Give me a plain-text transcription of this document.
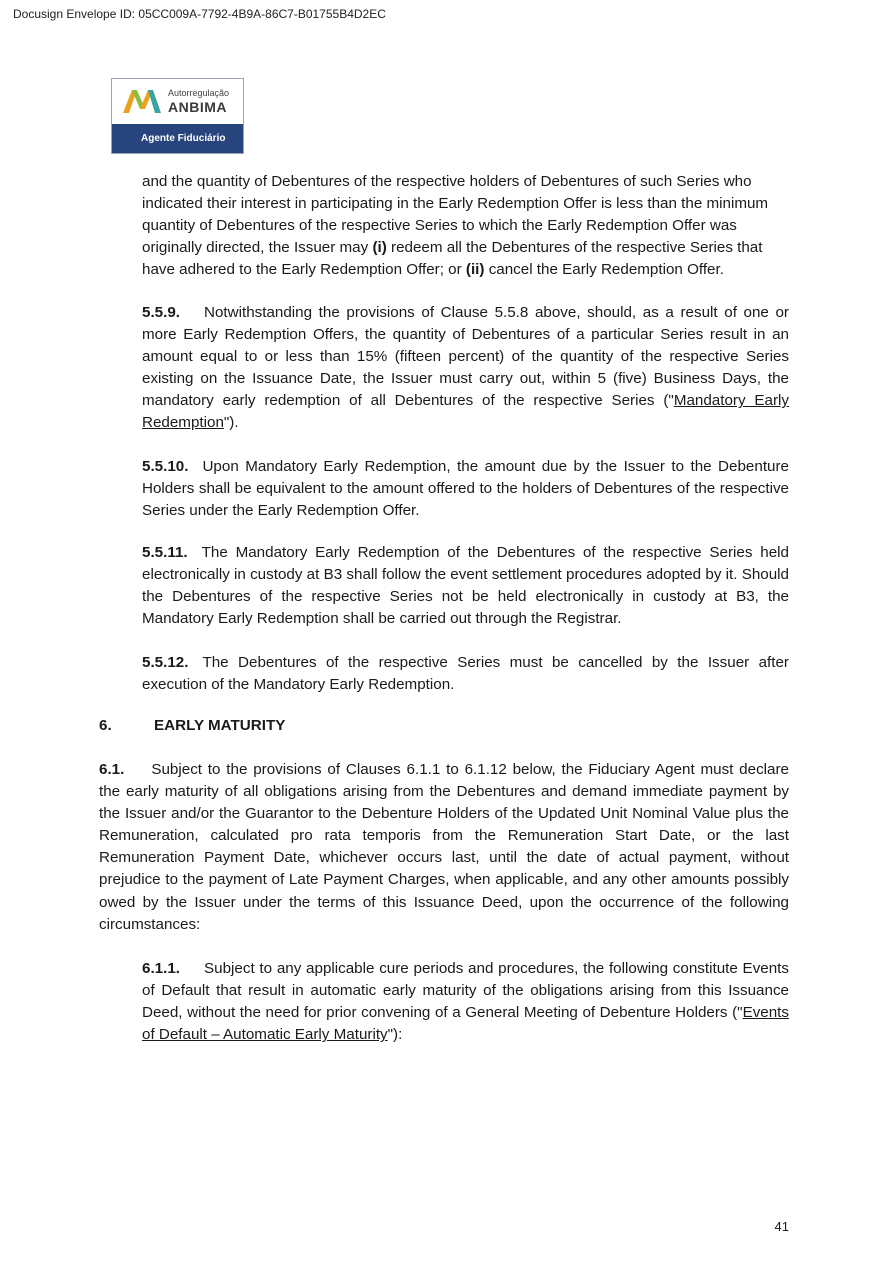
Docusign Envelope ID: 05CC009A-7792-4B9A-86C7-B01755B4D2EC
Autorregulação
ANBIMA
Agente Fiduciário
and the quantity of Debentures of the respective holders of Debentures of such Series who indicated their interest in participating in the Early Redemption Offer is less than the minimum quantity of Debentures of the respective Series to which the Early Redemption Offer was originally directed, the Issuer may (i) redeem all the Debentures of the respective Series that have adhered to the Early Redemption Offer; or (ii) cancel the Early Redemption Offer.
5.5.9. Notwithstanding the provisions of Clause 5.5.8 above, should, as a result of one or more Early Redemption Offers, the quantity of Debentures of a particular Series result in an amount equal to or less than 15% (fifteen percent) of the quantity of the respective Series existing on the Issuance Date, the Issuer must carry out, within 5 (five) Business Days, the mandatory early redemption of all Debentures of the respective Series ("Mandatory Early Redemption").
5.5.10. Upon Mandatory Early Redemption, the amount due by the Issuer to the Debenture Holders shall be equivalent to the amount offered to the holders of Debentures of the respective Series under the Early Redemption Offer.
5.5.11. The Mandatory Early Redemption of the Debentures of the respective Series held electronically in custody at B3 shall follow the event settlement procedures adopted by it. Should the Debentures of the respective Series not be held electronically in custody at B3, the Mandatory Early Redemption shall be carried out through the Registrar.
5.5.12. The Debentures of the respective Series must be cancelled by the Issuer after execution of the Mandatory Early Redemption.
6.	EARLY MATURITY
6.1. Subject to the provisions of Clauses 6.1.1 to 6.1.12 below, the Fiduciary Agent must declare the early maturity of all obligations arising from the Debentures and demand immediate payment by the Issuer and/or the Guarantor to the Debenture Holders of the Updated Unit Nominal Value plus the Remuneration, calculated pro rata temporis from the Remuneration Start Date, or the last Remuneration Payment Date, whichever occurs last, until the date of actual payment, without prejudice to the payment of Late Payment Charges, when applicable, and any other amounts possibly owed by the Issuer under the terms of this Issuance Deed, upon the occurrence of the following circumstances:
6.1.1. Subject to any applicable cure periods and procedures, the following constitute Events of Default that result in automatic early maturity of the obligations arising from this Issuance Deed, without the need for prior convening of a General Meeting of Debenture Holders ("Events of Default – Automatic Early Maturity"):
41
